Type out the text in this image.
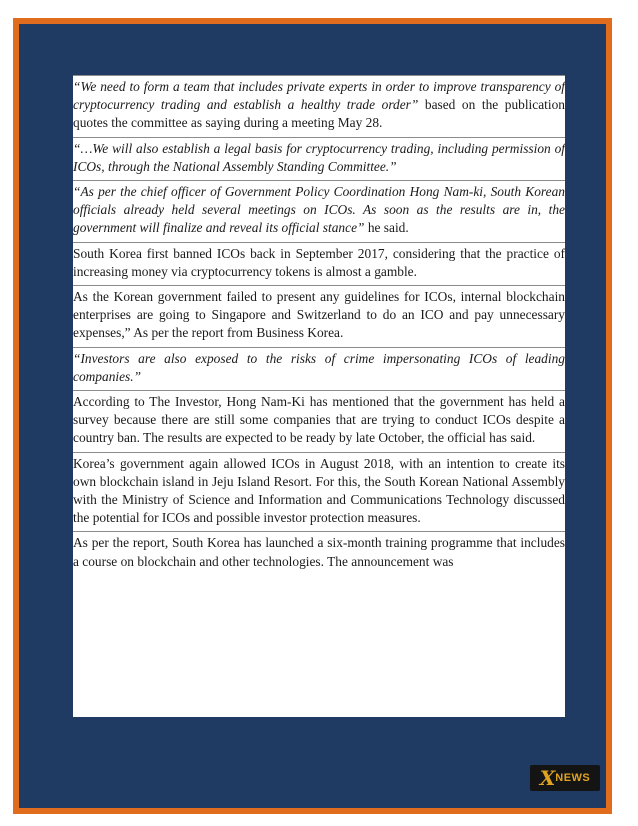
“We need to form a team that includes private experts in order to improve transparency of cryptocurrency trading and establish a healthy trade order” based on the publication quotes the committee as saying during a meeting May 28.

“…We will also establish a legal basis for cryptocurrency trading, including permission of ICOs, through the National Assembly Standing Committee.”

“As per the chief officer of Government Policy Coordination Hong Nam-ki, South Korean officials already held several meetings on ICOs. As soon as the results are in, the government will finalize and reveal its official stance” he said.

South Korea first banned ICOs back in September 2017, considering that the practice of increasing money via cryptocurrency tokens is almost a gamble.

As the Korean government failed to present any guidelines for ICOs, internal blockchain enterprises are going to Singapore and Switzerland to do an ICO and pay unnecessary expenses,” As per the report from Business Korea.

“Investors are also exposed to the risks of crime impersonating ICOs of leading companies.”

According to The Investor, Hong Nam-Ki has mentioned that the government has held a survey because there are still some companies that are trying to conduct ICOs despite a country ban. The results are expected to be ready by late October, the official has said.

Korea’s government again allowed ICOs in August 2018, with an intention to create its own blockchain island in Jeju Island Resort. For this, the South Korean National Assembly with the Ministry of Science and Information and Communications Technology discussed the potential for ICOs and possible investor protection measures.

As per the report, South Korea has launched a six-month training programme that includes a course on blockchain and other technologies. The announcement was

X NEWS
